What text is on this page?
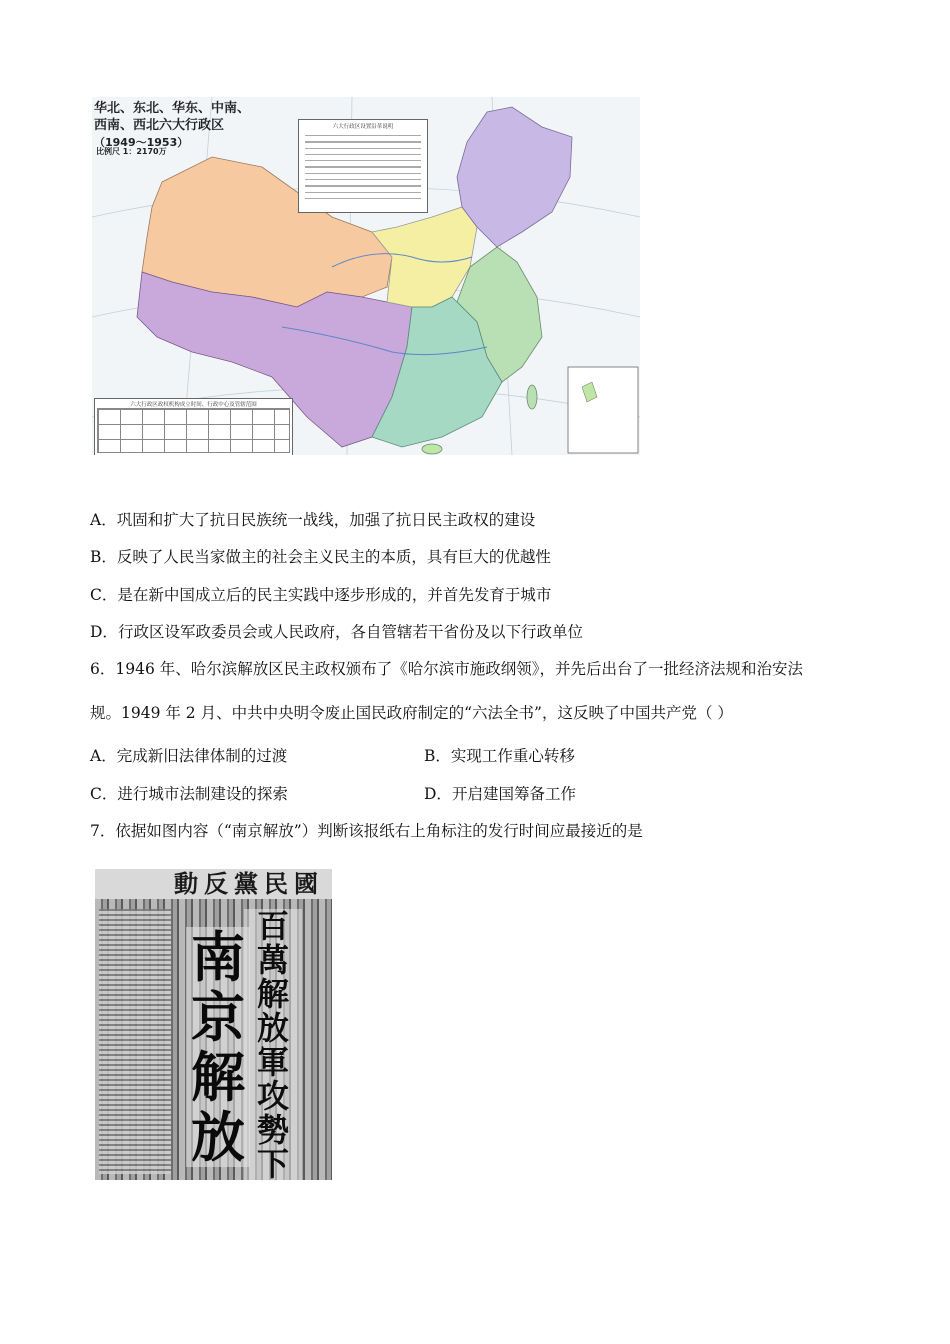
华北、东北、华东、中南、
西南、西北六大行政区
（1949～1953）
比例尺 1：2170万
六大行政区设置沿革说明
六大行政区政权机构成立时间、行政中心及管辖范围
A．巩固和扩大了抗日民族统一战线，加强了抗日民主政权的建设
B．反映了人民当家做主的社会主义民主的本质，具有巨大的优越性
C．是在新中国成立后的民主实践中逐步形成的，并首先发育于城市
D．行政区设军政委员会或人民政府，各自管辖若干省份及以下行政单位
6．1946 年、哈尔滨解放区民主政权颁布了《哈尔滨市施政纲领》，并先后出台了一批经济法规和治安法
规。1949 年 2 月、中共中央明令废止国民政府制定的“六法全书”，这反映了中国共产党（ ）
A．完成新旧法律体制的过渡	B．实现工作重心转移
C．进行城市法制建设的探索	D．开启建国筹备工作
7．依据如图内容（“南京解放”）判断该报纸右上角标注的发行时间应最接近的是
動反黨民國
百萬解放軍攻勢下
南京解放
